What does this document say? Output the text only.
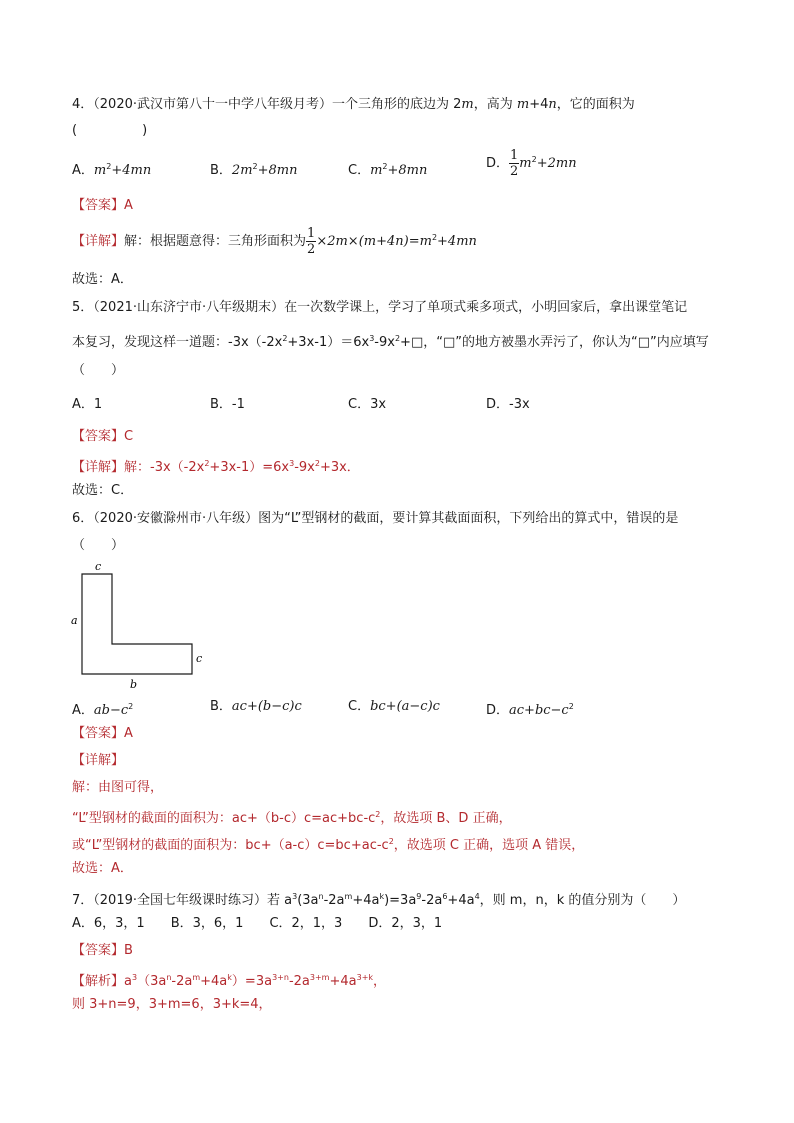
4．（2020·武汉市第八十一中学八年级月考）一个三角形的底边为 2m，高为 m+4n，它的面积为
(　　　　　)
A．$m^2+4mn$	B．$2m^2+8mn$	C．$m^2+8mn$	D． $\frac{1}{2} m^2+2mn$
【答案】A
【详解】解：根据题意得：三角形面积为 $\frac{1}{2} \times 2m\times(m+4n)=m^2+4mn$
故选：A．
5．（2021·山东济宁市·八年级期末）在一次数学课上，学习了单项式乘多项式，小明回家后，拿出课堂笔记
本复习，发现这样一道题：$-3x(-2x^2+3x-1)=6x^3-9x^2+□$，“□”的地方被墨水弄污了，你认为“□”内应填写
（　　）
A．1	B．-1	C．3x	D．-3x
【答案】C
【详解】解：$-3x(-2x^2+3x-1)=6x^3-9x^2+3x$．
故选：C．
6．（2020·安徽滁州市·八年级）图为“L”型钢材的截面，要计算其截面面积，下列给出的算式中，错误的是
（　　）
c
a
c
b
A．$ab-c^2$	B．ac+(b−c)c	C．bc+(a−c)c	D．$ac+bc-c^2$
【答案】A
【详解】
解：由图可得，
“L”型钢材的截面的面积为：$ac+(b-c)c=ac+bc-c^2$，故选项 B、D 正确，
或“L”型钢材的截面的面积为：$bc+(a-c)c=bc+ac-c^2$，故选项 C 正确，选项 A 错误，
故选：A．
7．（2019·全国七年级课时练习）若 $a^3(3a^n-2a^m+4a^k)=3a^9-2a^6+4a^4$，则 m，n，k 的值分别为（　　）
A．6，3，1　　B．3，6，1　　C．2，1，3　　D．2，3，1
【答案】B
【解析】$a^3(3a^n-2a^m+4a^k)=3a^{3+n}-2a^{3+m}+4a^{3+k}$，
则 3+n=9，3+m=6，3+k=4，
